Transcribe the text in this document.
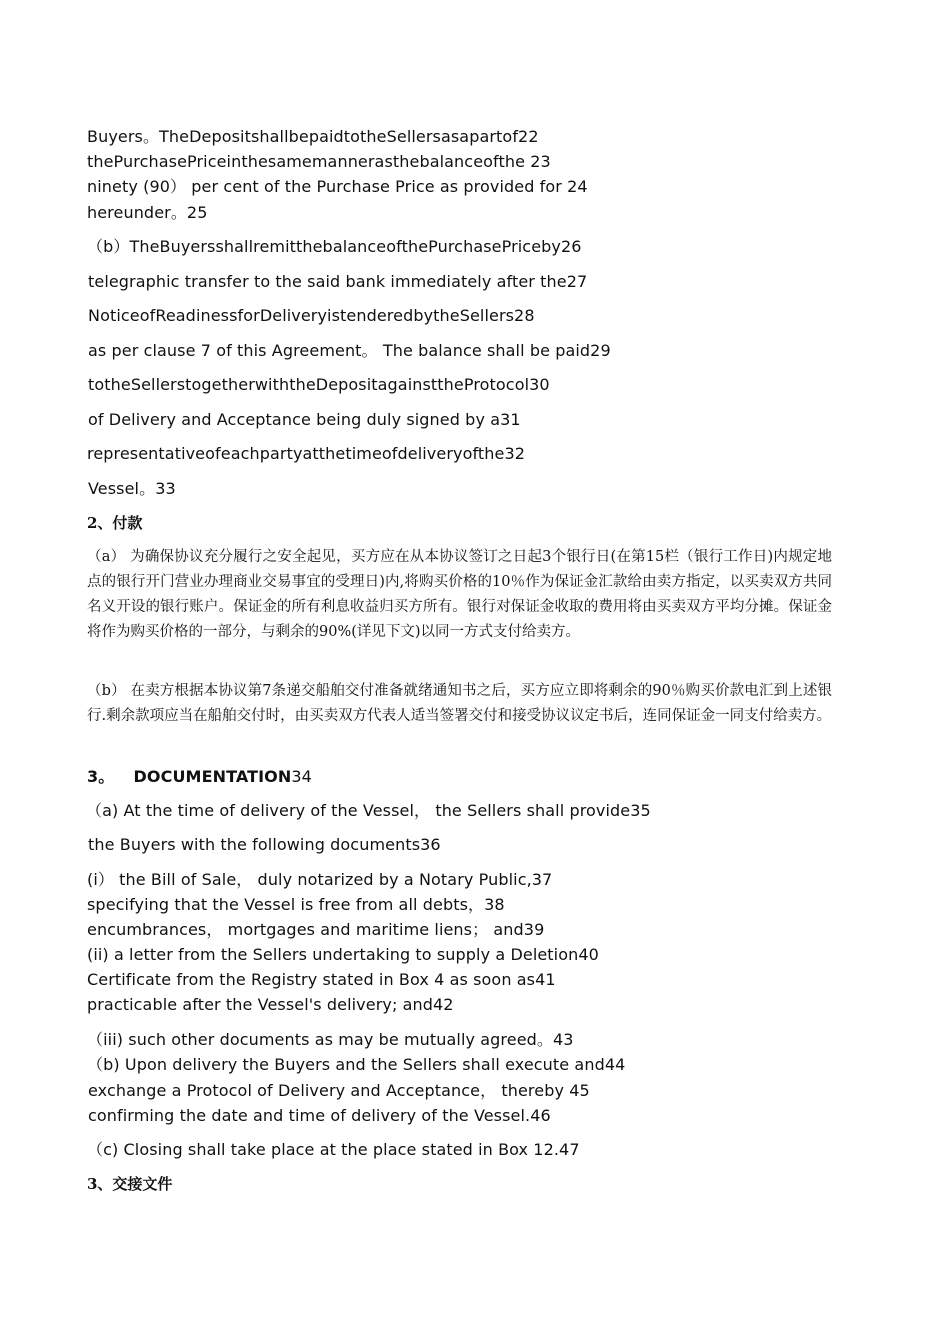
Buyers。TheDepositshallbepaidtotheSellersasapartof22
thePurchasePriceinthesamemannerasthebalanceofthe 23
ninety (90） per cent of the Purchase Price as provided for 24
hereunder。25
（b）TheBuyersshallremitthebalanceofthePurchasePriceby26
telegraphic transfer to the said bank immediately after the27
NoticeofReadinessforDeliveryistenderedbytheSellers28
as per clause 7 of this Agreement。 The balance shall be paid29
totheSellerstogetherwiththeDepositagainsttheProtocol30
of Delivery and Acceptance being duly signed by a31
representativeofeachpartyatthetimeofdeliveryofthe32
Vessel。33
2、付款
（a） 为确保协议充分履行之安全起见，买方应在从本协议签订之日起3个银行日(在第15栏（银行工作日)内规定地点的银行开门营业办理商业交易事宜的受理日)内,将购买价格的10％作为保证金汇款给由卖方指定，以买卖双方共同名义开设的银行账户。保证金的所有利息收益归买方所有。银行对保证金收取的费用将由买卖双方平均分摊。保证金将作为购买价格的一部分，与剩余的90%(详见下文)以同一方式支付给卖方。
（b） 在卖方根据本协议第7条递交船舶交付准备就绪通知书之后，买方应立即将剩余的90％购买价款电汇到上述银行.剩余款项应当在船舶交付时，由买卖双方代表人适当签署交付和接受协议议定书后，连同保证金一同支付给卖方。
3。 DOCUMENTATION34
（a) At the time of delivery of the Vessel， the Sellers shall provide35
the Buyers with the following documents36
(i） the Bill of Sale， duly notarized by a Notary Public,37
specifying that the Vessel is free from all debts，38
encumbrances， mortgages and maritime liens； and39
(ii) a letter from the Sellers undertaking to supply a Deletion40
Certificate from the Registry stated in Box 4 as soon as41
practicable after the Vessel's delivery; and42
（iii) such other documents as may be mutually agreed。43
（b) Upon delivery the Buyers and the Sellers shall execute and44
exchange a Protocol of Delivery and Acceptance， thereby 45
confirming the date and time of delivery of the Vessel.46
（c) Closing shall take place at the place stated in Box 12.47
3、交接文件
